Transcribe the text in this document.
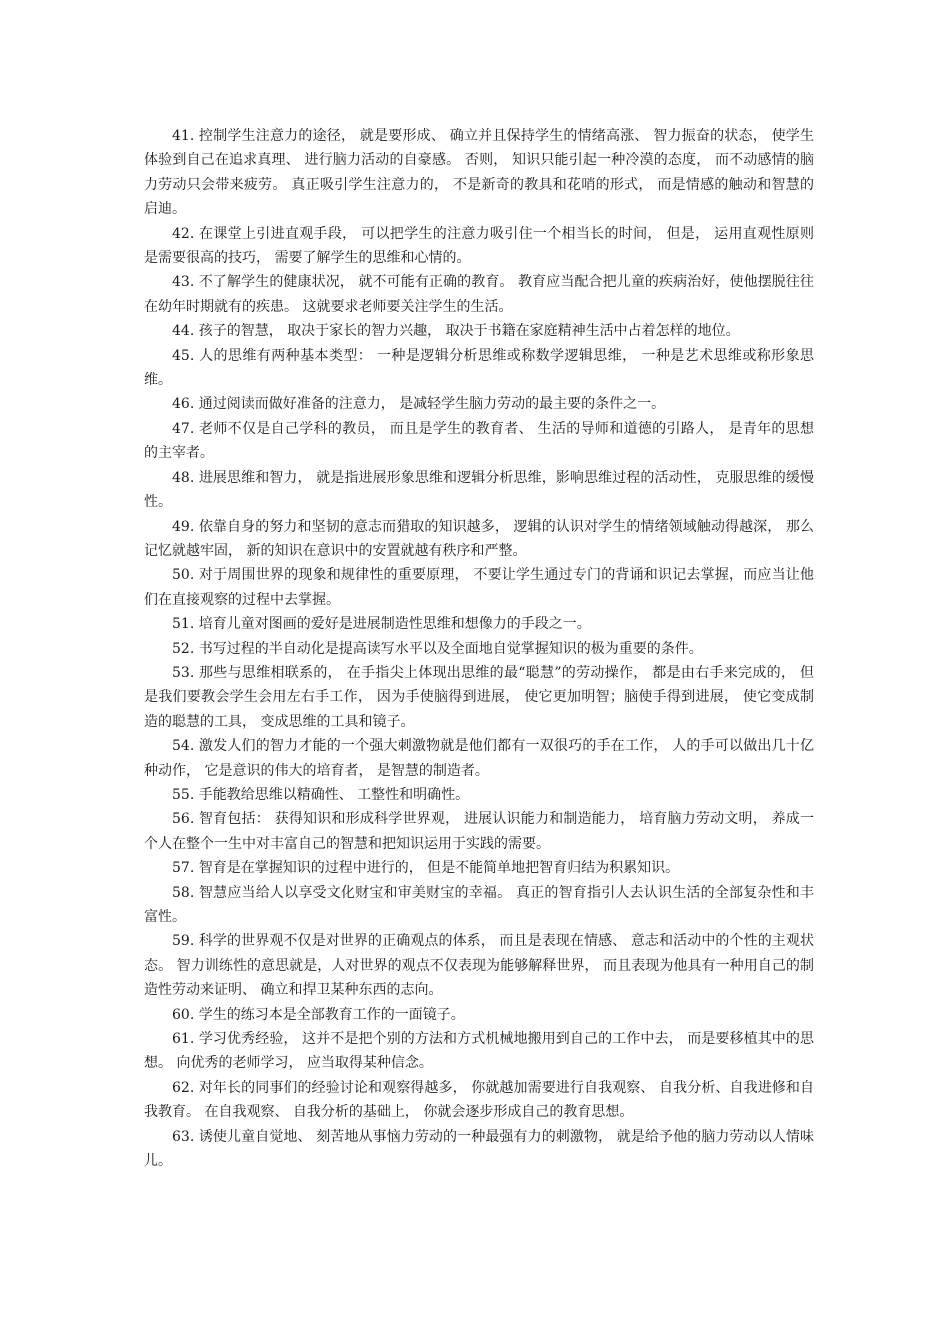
41. 控制学生注意力的途径， 就是要形成、 确立并且保持学生的情绪高涨、 智力振奋的状态， 使学生体验到自己在追求真理、 进行脑力活动的自豪感。 否则， 知识只能引起一种冷漠的态度， 而不动感情的脑力劳动只会带来疲劳。 真正吸引学生注意力的， 不是新奇的教具和花哨的形式， 而是情感的触动和智慧的启迪。

42. 在课堂上引进直观手段， 可以把学生的注意力吸引住一个相当长的时间， 但是， 运用直观性原则是需要很高的技巧， 需要了解学生的思维和心情的。

43. 不了解学生的健康状况， 就不可能有正确的教育。 教育应当配合把儿童的疾病治好，使他摆脱往往在幼年时期就有的疾患。 这就要求老师要关注学生的生活。

44. 孩子的智慧， 取决于家长的智力兴趣， 取决于书籍在家庭精神生活中占着怎样的地位。

45. 人的思维有两种基本类型： 一种是逻辑分析思维或称数学逻辑思维， 一种是艺术思维或称形象思维。

46. 通过阅读而做好准备的注意力， 是减轻学生脑力劳动的最主要的条件之一。

47. 老师不仅是自己学科的教员， 而且是学生的教育者、 生活的导师和道德的引路人， 是青年的思想的主宰者。

48. 进展思维和智力， 就是指进展形象思维和逻辑分析思维，影响思维过程的活动性， 克服思维的缓慢性。

49. 依靠自身的努力和坚韧的意志而猎取的知识越多， 逻辑的认识对学生的情绪领域触动得越深， 那么记忆就越牢固， 新的知识在意识中的安置就越有秩序和严整。

50. 对于周围世界的现象和规律性的重要原理， 不要让学生通过专门的背诵和识记去掌握，而应当让他们在直接观察的过程中去掌握。

51. 培育儿童对图画的爱好是进展制造性思维和想像力的手段之一。

52. 书写过程的半自动化是提高读写水平以及全面地自觉掌握知识的极为重要的条件。

53. 那些与思维相联系的， 在手指尖上体现出思维的最“聪慧”的劳动操作， 都是由右手来完成的， 但是我们要教会学生会用左右手工作， 因为手使脑得到进展， 使它更加明智；脑使手得到进展， 使它变成制造的聪慧的工具， 变成思维的工具和镜子。

54. 激发人们的智力才能的一个强大刺激物就是他们都有一双很巧的手在工作， 人的手可以做出几十亿种动作， 它是意识的伟大的培育者， 是智慧的制造者。

55. 手能教给思维以精确性、 工整性和明确性。

56. 智育包括： 获得知识和形成科学世界观， 进展认识能力和制造能力， 培育脑力劳动文明， 养成一个人在整个一生中对丰富自己的智慧和把知识运用于实践的需要。

57. 智育是在掌握知识的过程中进行的， 但是不能简单地把智育归结为积累知识。

58. 智慧应当给人以享受文化财宝和审美财宝的幸福。 真正的智育指引人去认识生活的全部复杂性和丰富性。

59. 科学的世界观不仅是对世界的正确观点的体系， 而且是表现在情感、 意志和活动中的个性的主观状态。 智力训练性的意思就是，人对世界的观点不仅表现为能够解释世界， 而且表现为他具有一种用自己的制造性劳动来证明、 确立和捍卫某种东西的志向。

60. 学生的练习本是全部教育工作的一面镜子。

61. 学习优秀经验， 这并不是把个别的方法和方式机械地搬用到自己的工作中去， 而是要移植其中的思想。 向优秀的老师学习， 应当取得某种信念。

62. 对年长的同事们的经验讨论和观察得越多， 你就越加需要进行自我观察、 自我分析、自我进修和自我教育。 在自我观察、 自我分析的基础上， 你就会逐步形成自己的教育思想。

63. 诱使儿童自觉地、 刻苦地从事恼力劳动的一种最强有力的刺激物， 就是给予他的脑力劳动以人情味儿。
